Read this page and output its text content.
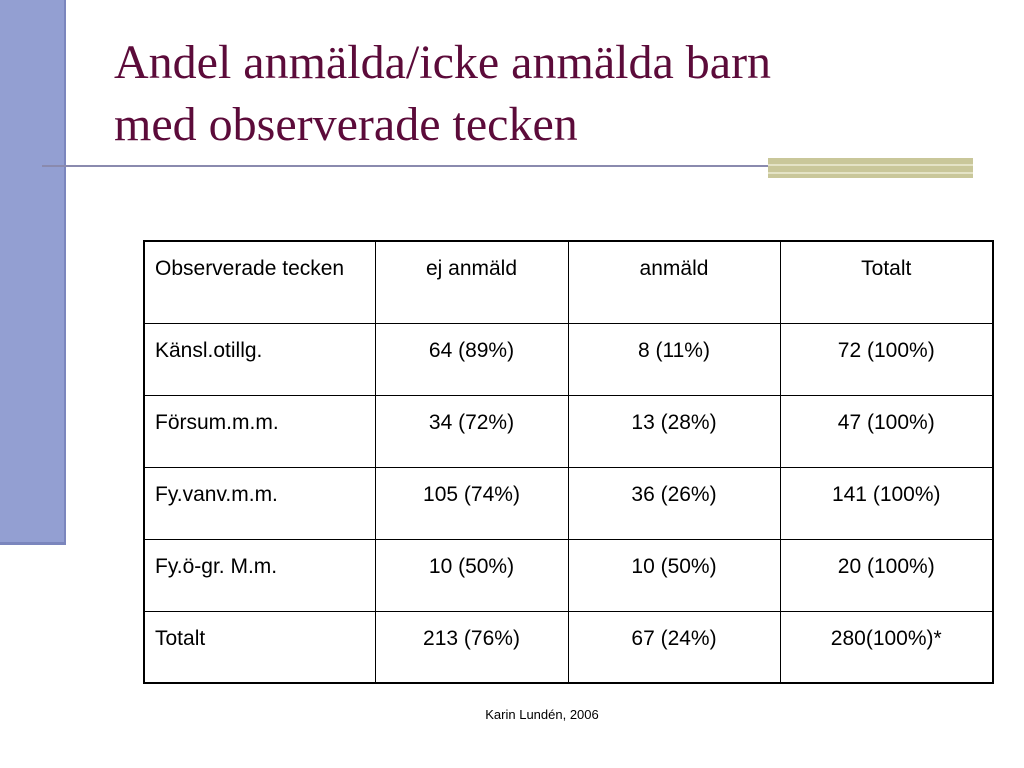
Andel anmälda/icke anmälda barn
med observerade tecken
Observerade tecken	ej anmäld	anmäld	Totalt
Känsl.otillg.	64 (89%)	8 (11%)	72 (100%)
Försum.m.m.	34 (72%)	13 (28%)	47 (100%)
Fy.vanv.m.m.	105 (74%)	36 (26%)	141 (100%)
Fy.ö-gr. M.m.	10 (50%)	10 (50%)	20 (100%)
Totalt	213 (76%)	67 (24%)	280(100%)*
Karin Lundén, 2006
